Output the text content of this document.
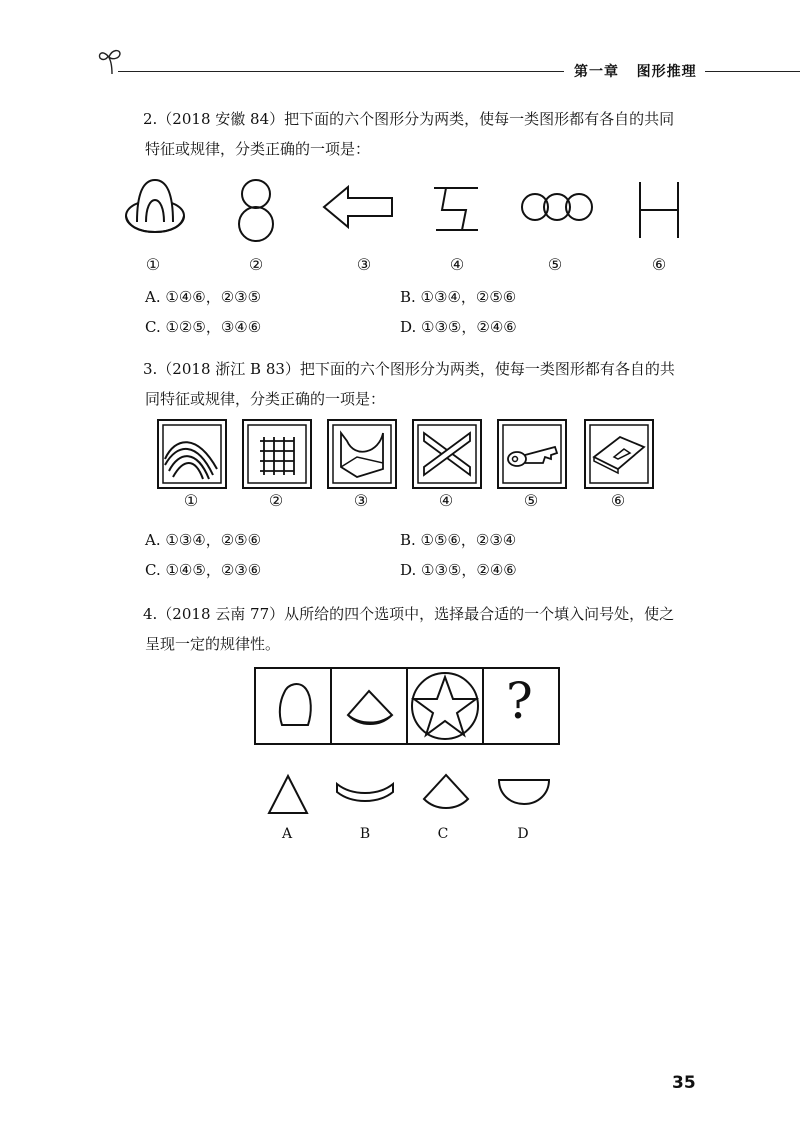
第一章 图形推理

2.（2018 安徽 84）把下面的六个图形分为两类，使每一类图形都有各自的共同

特征或规律，分类正确的一项是：

①	②	③	④	⑤	⑥
A. ①④⑥，②③⑤	B. ①③④，②⑤⑥
C. ①②⑤，③④⑥	D. ①③⑤，②④⑥

3.（2018 浙江 B 83）把下面的六个图形分为两类，使每一类图形都有各自的共

同特征或规律，分类正确的一项是：

①	②	③	④	⑤	⑥
A. ①③④，②⑤⑥	B. ①⑤⑥，②③④
C. ①④⑤，②③⑥	D. ①③⑤，②④⑥

4.（2018 云南 77）从所给的四个选项中，选择最合适的一个填入问号处，使之

呈现一定的规律性。

?
A	B	C	D
35
